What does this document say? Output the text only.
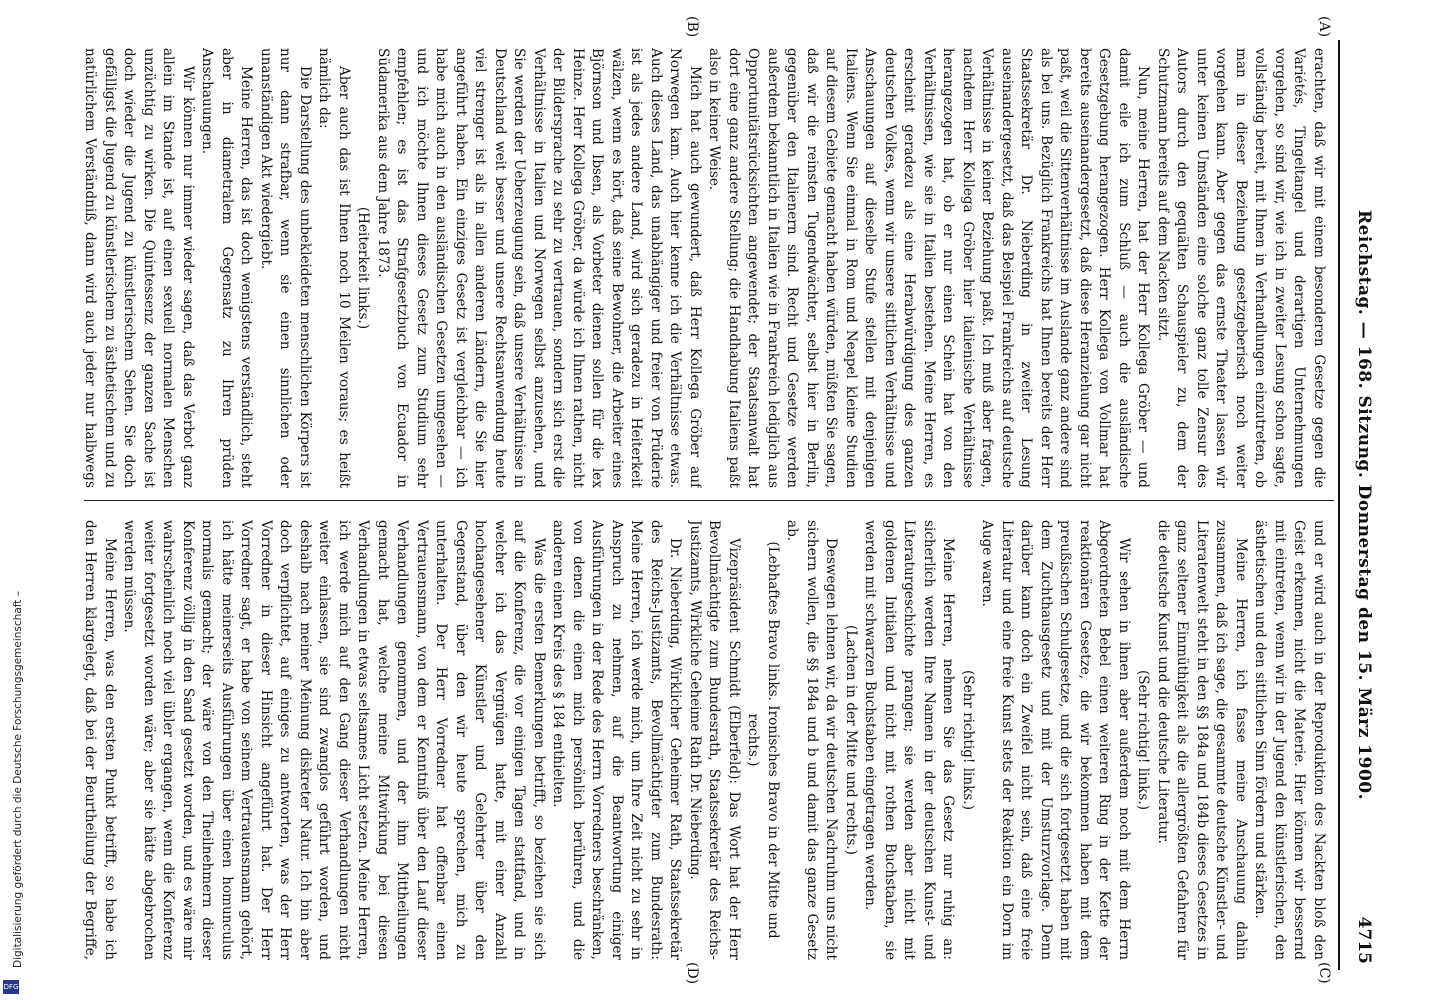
Reichstag. — 168. Sitzung. Donnerstag den 15. März 1900.
4715
(A)
(B)
(C)
(D)

erachten, daß wir mit einem besonderen Gesetze gegen die Variétés, Tingeltangel und derartigen Unternehmungen vorgehen, so sind wir, wie ich in zweiter Lesung schon sagte, vollständig bereit, mit Ihnen in Verhandlungen einzutreten, ob man in dieser Beziehung gesetzgeberisch noch weiter vorgehen kann. Aber gegen das ernste Theater lassen wir unter keinen Umständen eine solche ganz tolle Zensur des Autors durch den gequälten Schauspieler zu, dem der Schutzmann bereits auf dem Nacken sitzt.

Nun, meine Herren, hat der Herr Kollega Gröber — und damit eile ich zum Schluß — auch die ausländische Gesetzgebung herangezogen. Herr Kollega von Vollmar hat bereits auseinandergesetzt, daß diese Heranziehung gar nicht paßt, weil die Sittenverhältnisse im Auslande ganz andere sind als bei uns. Bezüglich Frankreichs hat Ihnen bereits der Herr Staatssekretär Dr. Nieberding in zweiter Lesung auseinandergesetzt, daß das Beispiel Frankreichs auf deutsche Verhältnisse in keiner Beziehung paßt. Ich muß aber fragen, nachdem Herr Kollega Gröber hier italienische Verhältnisse herangezogen hat, ob er nur einen Schein hat von den Verhältnissen, wie sie in Italien bestehen. Meine Herren, es erscheint geradezu als eine Herabwürdigung des ganzen deutschen Volkes, wenn wir unsere sittlichen Verhältnisse und Anschauungen auf dieselbe Stufe stellen mit denjenigen Italiens. Wenn Sie einmal in Rom und Neapel kleine Studien auf diesem Gebiete gemacht haben würden, müßten Sie sagen, daß wir die reinsten Tugendwächter, selbst hier in Berlin, gegenüber den Italienern sind. Recht und Gesetze werden außerdem bekanntlich in Italien wie in Frankreich lediglich aus Opportunitätsrücksichten angewendet; der Staatsanwalt hat dort eine ganz andere Stellung; die Handhabung Italiens paßt also in keiner Weise.

Mich hat auch gewundert, daß Herr Kollega Gröber auf Norwegen kam. Auch hier kenne ich die Verhältnisse etwas. Auch dieses Land, das unabhängiger und freier von Prüderie ist als jedes andere Land, wird sich geradezu in Heiterkeit wälzen, wenn es hört, daß seine Bewohner, die Arbeiter eines Björnson und Ibsen, als Vorbeter dienen sollen für die lex Heinze. Herr Kollega Gröber, da würde ich Ihnen rathen, nicht der Bildersprache zu sehr zu vertrauen, sondern sich erst die Verhältnisse in Italien und Norwegen selbst anzusehen, und Sie werden der Ueberzeugung sein, daß unsere Verhältnisse in Deutschland weit besser und unsere Rechtsanwendung heute viel strenger ist als in allen anderen Ländern, die Sie hier angeführt haben. Ein einziges Gesetz ist vergleichbar — ich habe mich auch in den ausländischen Gesetzen umgesehen — und ich möchte Ihnen dieses Gesetz zum Studium sehr empfehlen; es ist das Strafgesetzbuch von Ecuador in Südamerika aus dem Jahre 1873.

(Heiterkeit links.)

Aber auch das ist Ihnen noch 10 Meilen voraus; es heißt nämlich da:

Die Darstellung des unbekleideten menschlichen Körpers ist nur dann strafbar, wenn sie einen sinnlichen oder unanständigen Akt wiedergiebt.

Meine Herren, das ist doch wenigstens verständlich, steht aber in diametralem Gegensatz zu Ihren prüden Anschauungen.

Wir können nur immer wieder sagen, daß das Verbot ganz allein im Stande ist, auf einen sexuell normalen Menschen unzüchtig zu wirken. Die Quintessenz der ganzen Sache ist doch wieder die Jugend zu künstlerischem Sehen. Sie doch gefälligst die Jugend zu künstlerischem zu ästhetischem und zu natürlichem Verständniß, dann wird auch jeder nur halbwegs

und er wird auch in der Reproduktion des Nackten bloß den Geist erkennen, nicht die Materie. Hier können wir bessernd mit eintreten, wenn wir in der Jugend den künstlerischen, den ästhetischen und den sittlichen Sinn fördern und stärken.

Meine Herren, ich fasse meine Anschauung dahin zusammen, daß ich sage, die gesammte deutsche Künstler- und Literatenwelt steht in den §§ 184a und 184b dieses Gesetzes in ganz seltener Einmüthigkeit als die allergrößten Gefahren für die deutsche Kunst und die deutsche Literatur.

(Sehr richtig! links.)

Wir sehen in ihnen aber außerdem noch mit dem Herrn Abgeordneten Bebel einen weiteren Ring in der Kette der reaktionären Gesetze, die wir bekommen haben mit dem preußischen Schulgesetze, und die sich fortgesetzt haben mit dem Zuchthausgesetz und mit der Umsturzvorlage. Denn darüber kann doch ein Zweifel nicht sein, daß eine freie Literatur und eine freie Kunst stets der Reaktion ein Dorn im Auge waren.

(Sehr richtig! links.)

Meine Herren, nehmen Sie das Gesetz nur ruhig an: sicherlich werden Ihre Namen in der deutschen Kunst- und Literaturgeschichte prangen; sie werden aber nicht mit goldenen Initialen und nicht mit rothen Buchstaben, sie werden mit schwarzen Buchstaben eingetragen werden.

(Lachen in der Mitte und rechts.)

Deswegen lehnen wir, da wir deutschen Nachruhm uns nicht sichern wollen, die §§ 184a und b und damit das ganze Gesetz ab.

(Lebhaftes Bravo links. Ironisches Bravo in der Mitte und rechts.)

Vizepräsident Schmidt (Elberfeld): Das Wort hat der Herr Bevollmächtigte zum Bundesrath, Staatssekretär des Reichs-Justizamts, Wirkliche Geheime Rath Dr. Nieberding.

Dr. Nieberding, Wirklicher Geheimer Rath, Staatssekretär des Reichs-Justizamts, Bevollmächtigter zum Bundesrath: Meine Herren, ich werde mich, um Ihre Zeit nicht zu sehr in Anspruch zu nehmen, auf die Beantwortung einiger Ausführungen in der Rede des Herrn Vorredners beschränken, von denen die einen mich persönlich berühren, und die anderen einen Kreis des § 184 enthielten.

Was die ersten Bemerkungen betrifft, so beziehen sie sich auf die Konferenz, die vor einigen Tagen stattfand, und in welcher ich das Vergnügen hatte, mit einer Anzahl hochangesehener Künstler und Gelehrter über den Gegenstand, über den wir heute sprechen, mich zu unterhalten. Der Herr Vorredner hat offenbar einen Vertrauensmann, von dem er Kenntniß über den Lauf dieser Verhandlungen genommen, und der ihm Mittheilungen gemacht hat, welche meine Mitwirkung bei diesen Verhandlungen in etwas seltsames Licht setzen. Meine Herren, ich werde mich auf den Gang dieser Verhandlungen nicht weiter einlassen, sie sind zwanglos geführt worden, und deshalb nach meiner Meinung diskreter Natur. Ich bin aber doch verpflichtet, auf einiges zu antworten, was der Herr Vorredner in dieser Hinsicht angeführt hat. Der Herr Vorredner sagt, er habe von seinem Vertrauensmann gehört, ich hätte meinerseits Ausführungen über einen homunculus normalis gemacht; der wäre von den Theilnehmern dieser Konferenz völlig in den Sand gesetzt worden, und es wäre mir wahrscheinlich noch viel übler ergangen, wenn die Konferenz weiter fortgesetzt worden wäre; aber sie hätte abgebrochen werden müssen.

Meine Herren, was den ersten Punkt betrifft, so habe ich den Herren klargelegt, daß bei der Beurtheilung der Begriffe,

Digitalisierung gefördert durch die Deutsche Forschungsgemeinschaft –
DFG
